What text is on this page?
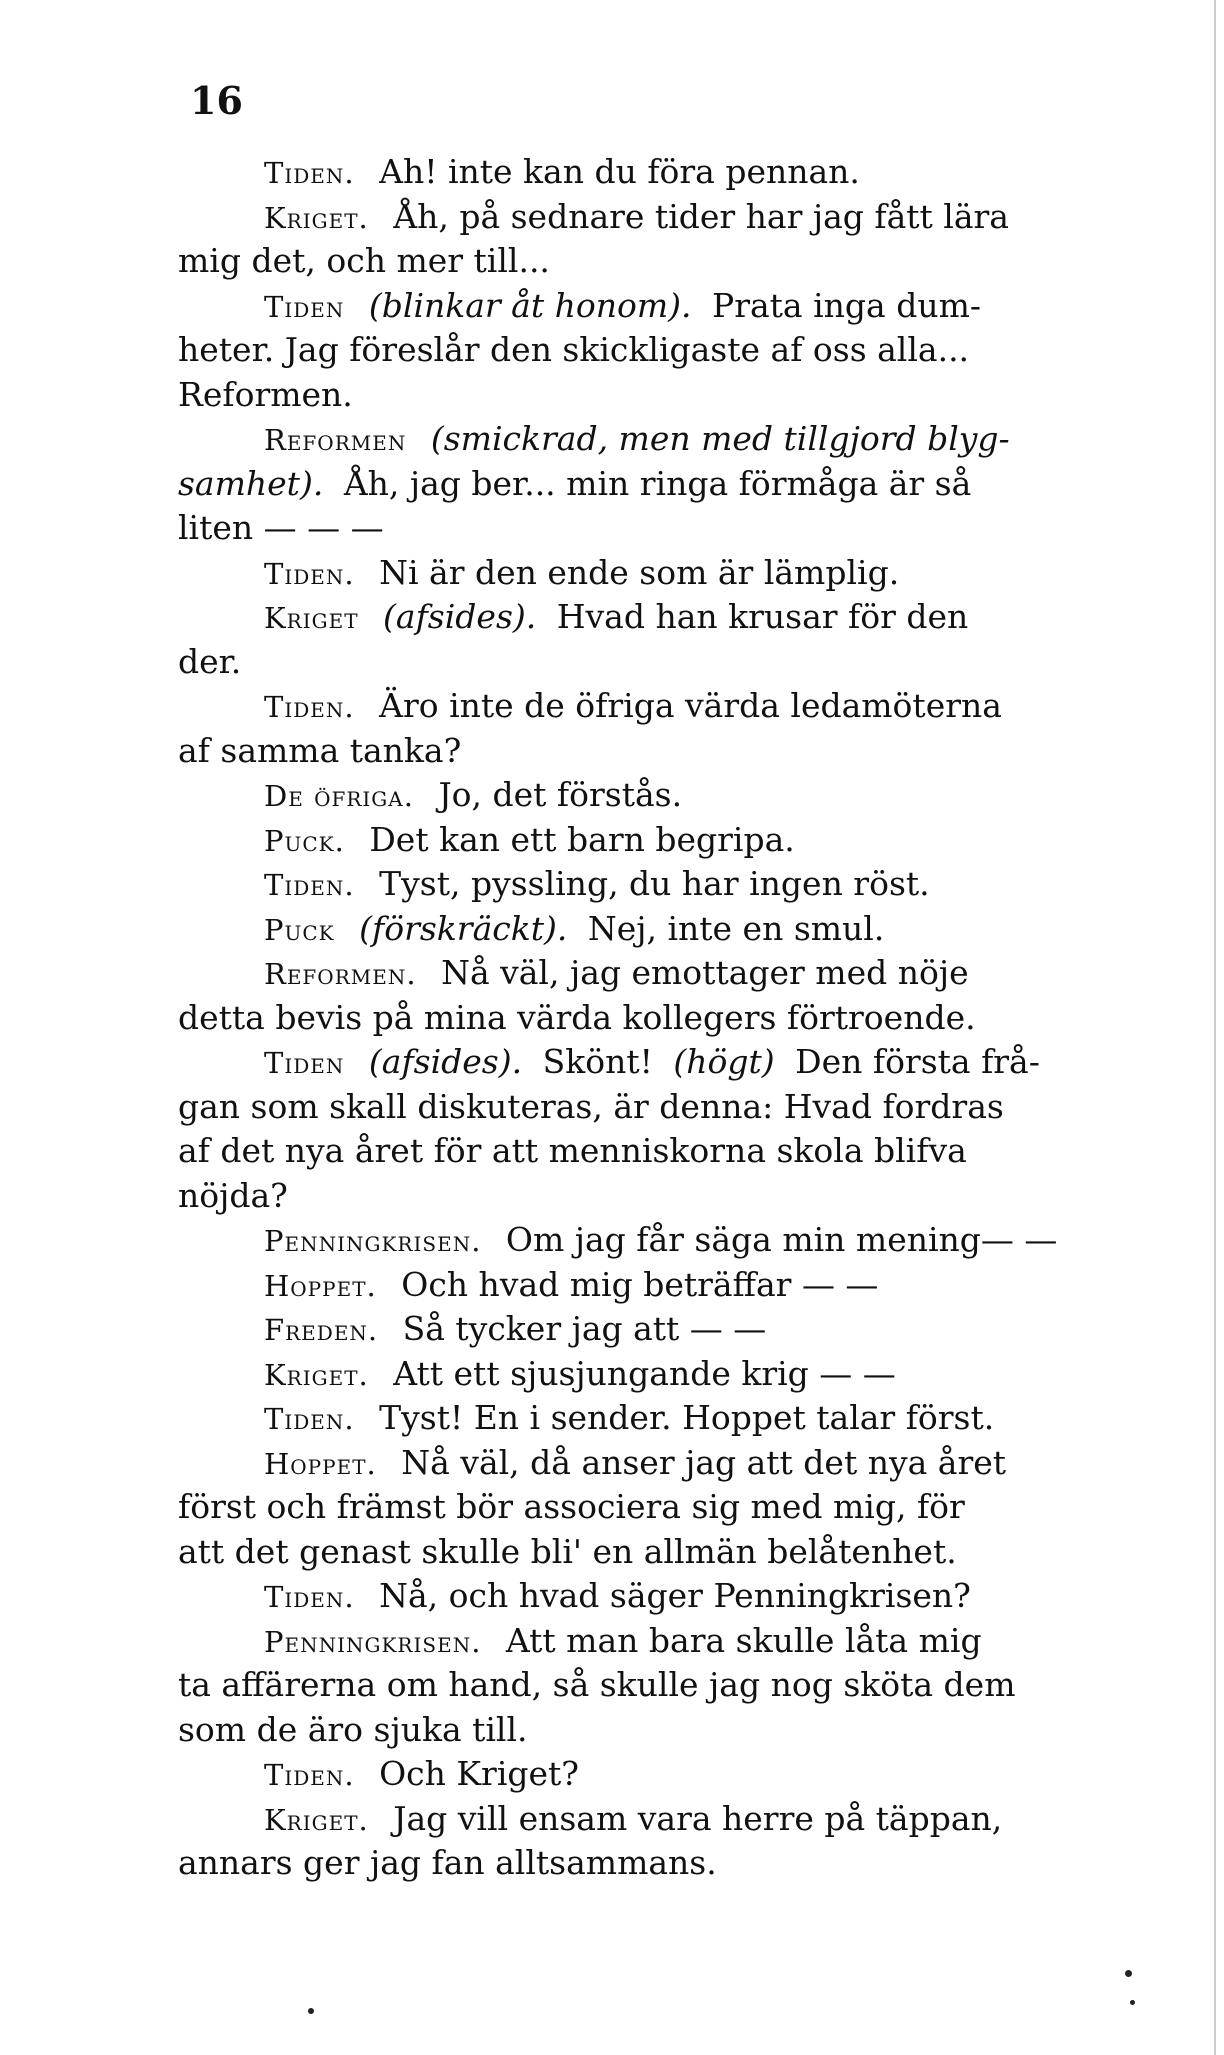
16
Tiden. Ah! inte kan du föra pennan.
Kriget. Åh, på sednare tider har jag fått lära
mig det, och mer till...
Tiden (blinkar åt honom). Prata inga dum-
heter. Jag föreslår den skickligaste af oss alla...
Reformen.
Reformen (smickrad, men med tillgjord blyg-
samhet). Åh, jag ber... min ringa förmåga är så
liten — — —
Tiden. Ni är den ende som är lämplig.
Kriget (afsides). Hvad han krusar för den
der.
Tiden. Äro inte de öfriga värda ledamöterna
af samma tanka?
De öfriga. Jo, det förstås.
Puck. Det kan ett barn begripa.
Tiden. Tyst, pyssling, du har ingen röst.
Puck (förskräckt). Nej, inte en smul.
Reformen. Nå väl, jag emottager med nöje
detta bevis på mina värda kollegers förtroende.
Tiden (afsides). Skönt! (högt) Den första frå-
gan som skall diskuteras, är denna: Hvad fordras
af det nya året för att menniskorna skola blifva
nöjda?
Penningkrisen. Om jag får säga min mening— —
Hoppet. Och hvad mig beträffar — —
Freden. Så tycker jag att — —
Kriget. Att ett sjusjungande krig — —
Tiden. Tyst! En i sender. Hoppet talar först.
Hoppet. Nå väl, då anser jag att det nya året
först och främst bör associera sig med mig, för
att det genast skulle bli' en allmän belåtenhet.
Tiden. Nå, och hvad säger Penningkrisen?
Penningkrisen. Att man bara skulle låta mig
ta affärerna om hand, så skulle jag nog sköta dem
som de äro sjuka till.
Tiden. Och Kriget?
Kriget. Jag vill ensam vara herre på täppan,
annars ger jag fan alltsammans.
